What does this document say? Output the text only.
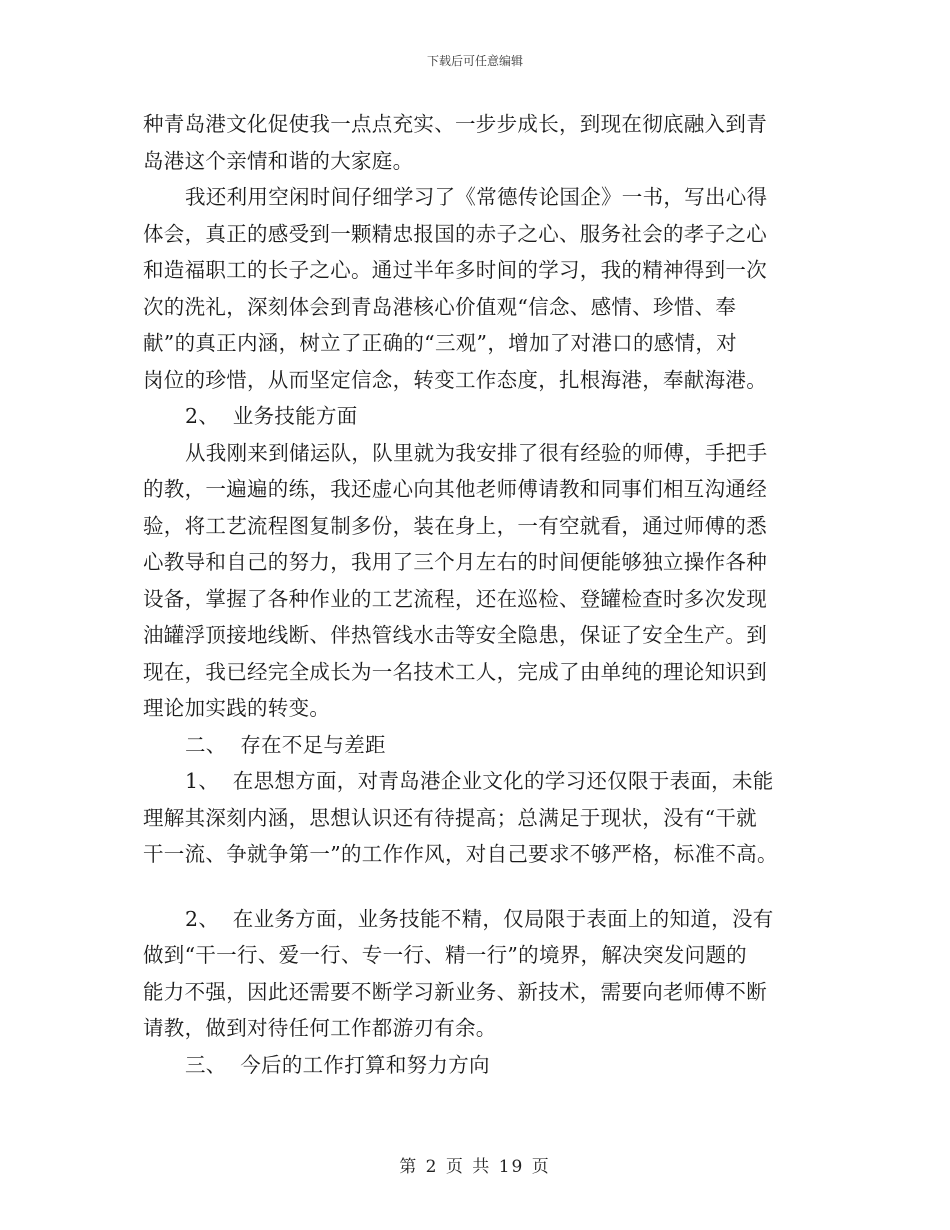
下载后可任意编辑
种青岛港文化促使我一点点充实、一步步成长，到现在彻底融入到青
岛港这个亲情和谐的大家庭。
我还利用空闲时间仔细学习了《常德传论国企》一书，写出心得
体会，真正的感受到一颗精忠报国的赤子之心、服务社会的孝子之心
和造福职工的长子之心。通过半年多时间的学习，我的精神得到一次
次的洗礼，深刻体会到青岛港核心价值观“信念、感情、珍惜、奉
献”的真正内涵，树立了正确的“三观”，增加了对港口的感情，对
岗位的珍惜，从而坚定信念，转变工作态度，扎根海港，奉献海港。
2、  业务技能方面
从我刚来到储运队，队里就为我安排了很有经验的师傅，手把手
的教，一遍遍的练，我还虚心向其他老师傅请教和同事们相互沟通经
验，将工艺流程图复制多份，装在身上，一有空就看，通过师傅的悉
心教导和自己的努力，我用了三个月左右的时间便能够独立操作各种
设备，掌握了各种作业的工艺流程，还在巡检、登罐检查时多次发现
油罐浮顶接地线断、伴热管线水击等安全隐患，保证了安全生产。到
现在，我已经完全成长为一名技术工人，完成了由单纯的理论知识到
理论加实践的转变。
二、  存在不足与差距
1、  在思想方面，对青岛港企业文化的学习还仅限于表面，未能
理解其深刻内涵，思想认识还有待提高；总满足于现状，没有“干就
干一流、争就争第一”的工作作风，对自己要求不够严格，标准不高。
2、  在业务方面，业务技能不精，仅局限于表面上的知道，没有
做到“干一行、爱一行、专一行、精一行”的境界，解决突发问题的
能力不强，因此还需要不断学习新业务、新技术，需要向老师傅不断
请教，做到对待任何工作都游刃有余。
三、  今后的工作打算和努力方向
第 2 页 共 19 页
